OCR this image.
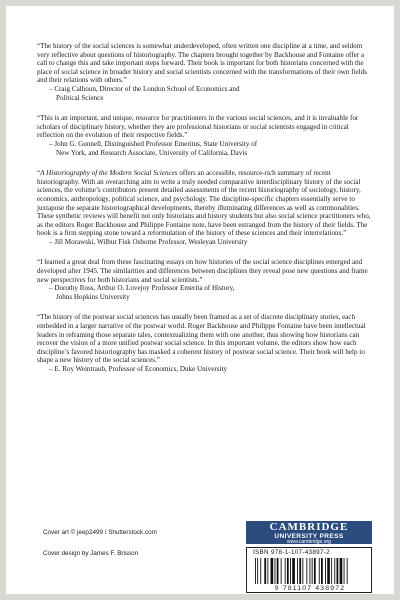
“The history of the social sciences is somewhat underdeveloped, often written one discipline at a time, and seldom very reflective about questions of historiography. The chapters brought together by Backhouse and Fontaine offer a call to change this and take important steps forward. Their book is important for both historians concerned with the place of social science in broader history and social scientists concerned with the transformations of their own fields and their relations with others.”

– Craig Calhoun, Director of the London School of Economics and
Political Science

“This is an important, and unique, resource for practitioners in the various social sciences, and it is invaluable for scholars of disciplinary history, whether they are professional historians or social scientists engaged in critical reflection on the evolution of their respective fields.”

– John G. Gunnell, Distinguished Professor Emeritus, State University of
New York, and Research Associate, University of California, Davis

“A Historiography of the Modern Social Sciences offers an accessible, resource-rich summary of recent historiography. With an overarching aim to write a truly needed comparative interdisciplinary history of the social sciences, the volume’s contributors present detailed assessments of the recent historiography of sociology, history, economics, anthropology, political science, and psychology. The discipline-specific chapters essentially serve to juxtapose the separate historiographical developments, thereby illuminating differences as well as commonalities. These synthetic reviews will benefit not only historians and history students but also social science practitioners who, as the editors Roger Backhouse and Philippe Fontaine note, have been estranged from the history of their fields. The book is a firm stepping stone toward a reformulation of the history of these sciences and their interrelations.”

– Jill Morawski, Wilbur Fisk Osborne Professor, Wesleyan University

“I learned a great deal from these fascinating essays on how histories of the social science disciplines emerged and developed after 1945. The similarities and differences between disciplines they reveal pose new questions and frame new perspectives for both historians and social scientists.”

– Dorothy Ross, Arthur O. Lovejoy Professor Emerita of History,
Johns Hopkins University

“The history of the postwar social sciences has usually been framed as a set of discrete disciplinary stories, each embedded in a larger narrative of the postwar world. Roger Backhouse and Philippe Fontaine have been intellectual leaders in reframing those separate tales, contextualizing them with one another, thus showing how historians can recover the vision of a more unified postwar social science. In this important volume, the editors show how each discipline’s favored historiography has masked a coherent history of postwar social science. Their book will help to shape a new history of the social sciences.”

– E. Roy Weintraub, Professor of Economics, Duke University

Cover art © jeep2499 / Shutterstock.com
Cover design by James F. Brisson
CAMBRIDGE
UNIVERSITY PRESS
www.cambridge.org
ISBN 978-1-107-43897-2
9 781107 438972
